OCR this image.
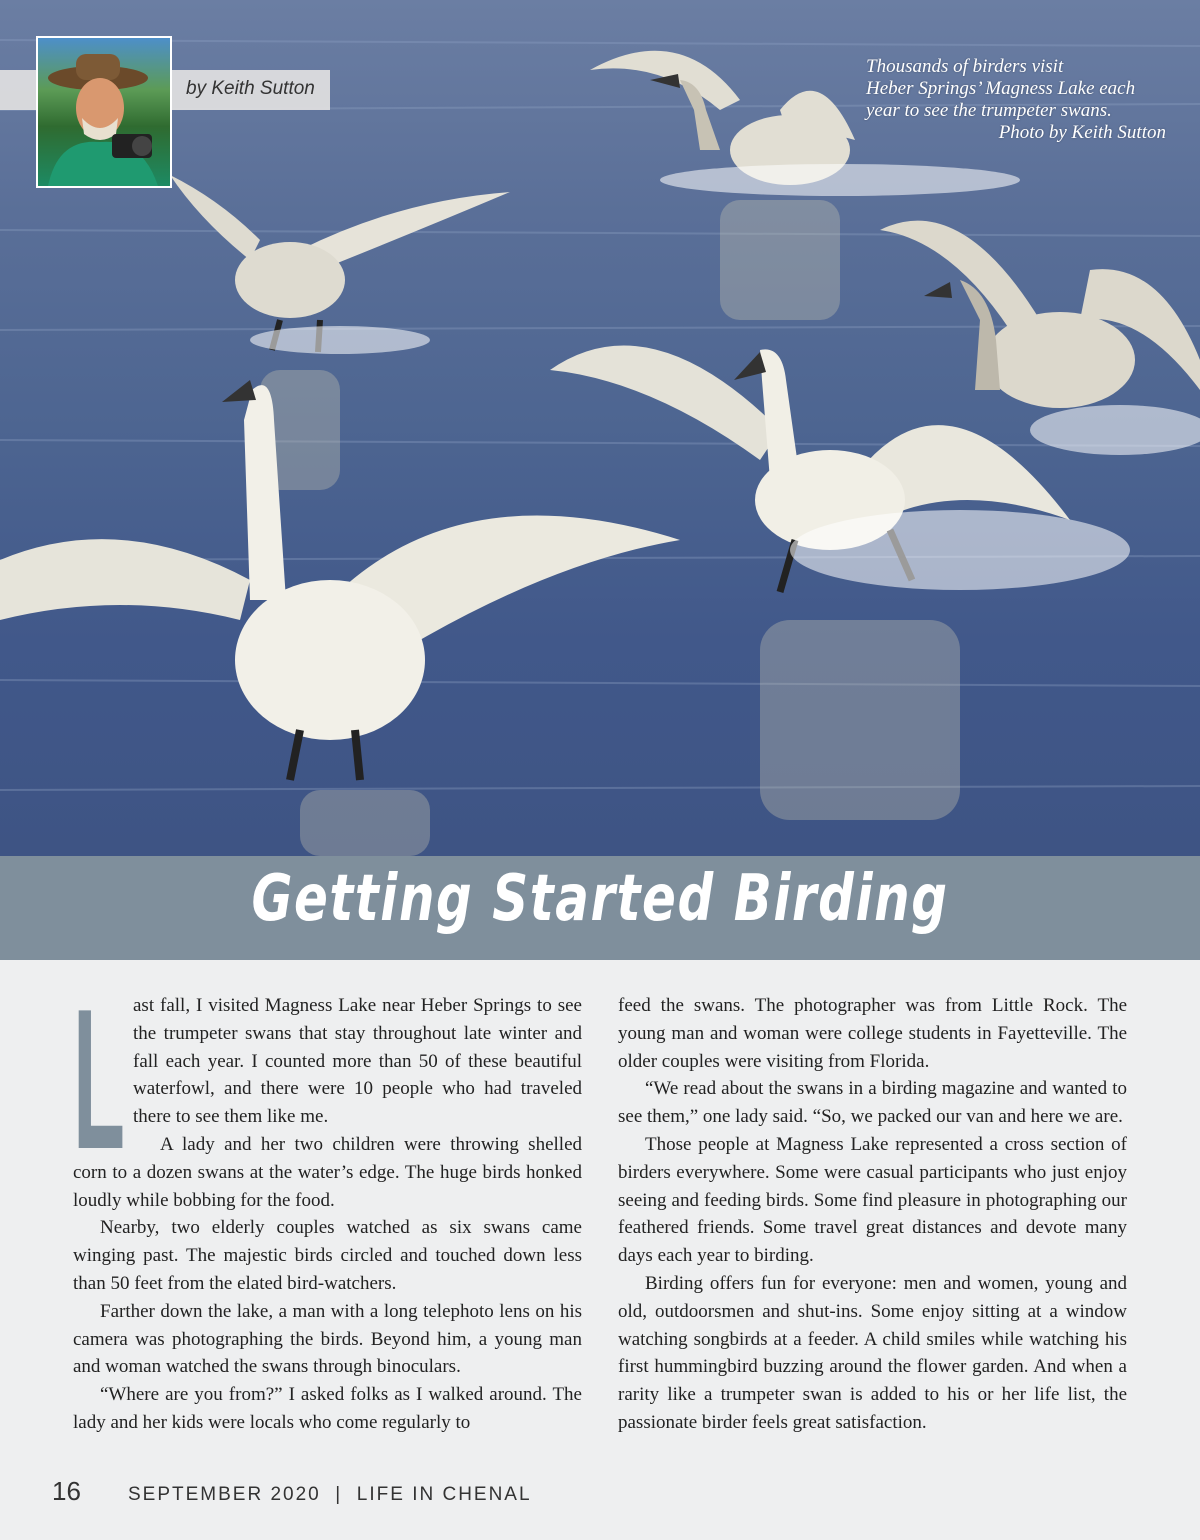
by Keith Sutton
Thousands of birders visit
Heber Springs’ Magness Lake each
year to see the trumpeter swans.
Photo by Keith Sutton
Getting Started Birding
L ast fall, I visited Magness Lake near Heber Springs to see the trumpeter swans that stay throughout late winter and fall each year. I counted more than 50 of these beautiful waterfowl, and there were 10 people who had traveled there to see them like me.

A lady and her two children were throwing shelled corn to a dozen swans at the water’s edge. The huge birds honked loudly while bobbing for the food.

Nearby, two elderly couples watched as six swans came winging past. The majestic birds circled and touched down less than 50 feet from the elated bird-watchers.

Farther down the lake, a man with a long telephoto lens on his camera was photographing the birds. Beyond him, a young man and woman watched the swans through binoculars.

“Where are you from?” I asked folks as I walked around. The lady and her kids were locals who come regularly to

feed the swans. The photographer was from Little Rock. The young man and woman were college students in Fayetteville. The older couples were visiting from Florida.

“We read about the swans in a birding magazine and wanted to see them,” one lady said. “So, we packed our van and here we are.

Those people at Magness Lake represented a cross section of birders everywhere. Some were casual participants who just enjoy seeing and feeding birds. Some find pleasure in photographing our feathered friends. Some travel great distances and devote many days each year to birding.

Birding offers fun for everyone: men and women, young and old, outdoorsmen and shut-ins. Some enjoy sitting at a window watching songbirds at a feeder. A child smiles while watching his first hummingbird buzzing around the flower garden. And when a rarity like a trumpeter swan is added to his or her life list, the passionate birder feels great satisfaction.

16 SEPTEMBER 2020  |  LIFE IN CHENAL
